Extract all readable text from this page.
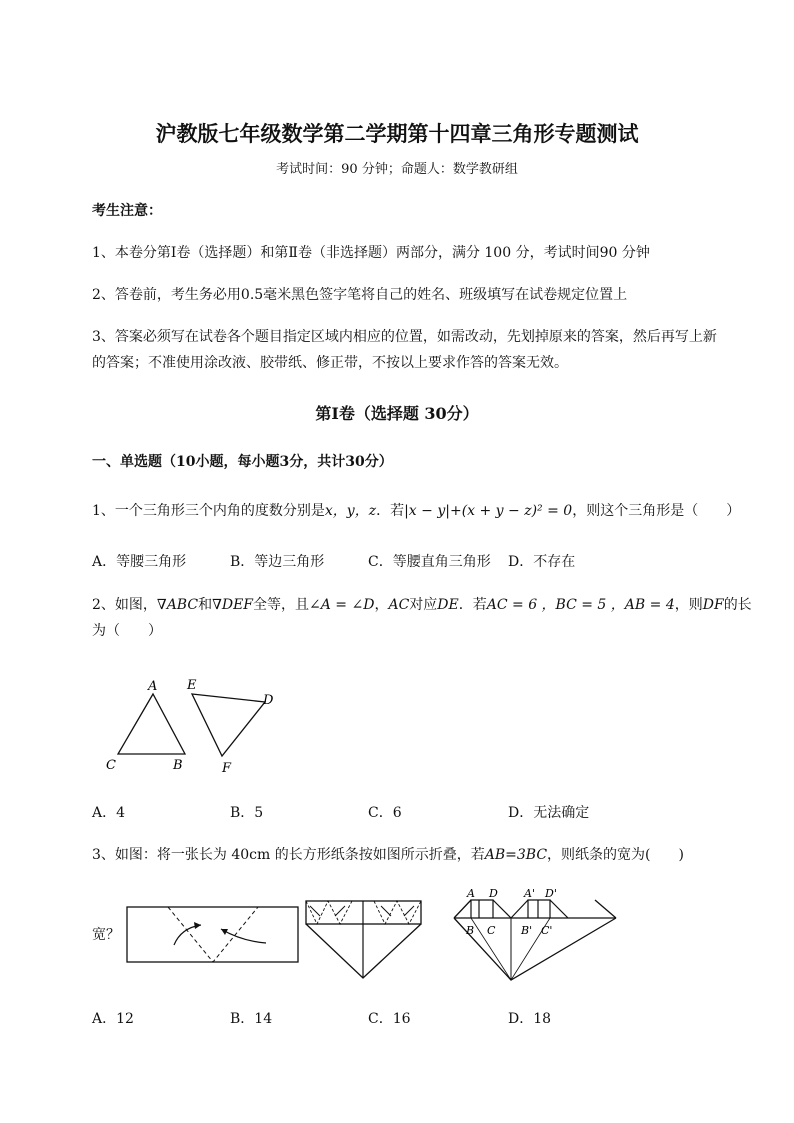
沪教版七年级数学第二学期第十四章三角形专题测试
考试时间：90 分钟；命题人：数学教研组
考生注意：
1、本卷分第Ⅰ卷（选择题）和第Ⅱ卷（非选择题）两部分，满分 100 分，考试时间90 分钟
2、答卷前，考生务必用0.5毫米黑色签字笔将自己的姓名、班级填写在试卷规定位置上
3、答案必须写在试卷各个题目指定区域内相应的位置，如需改动，先划掉原来的答案，然后再写上新
的答案；不准使用涂改液、胶带纸、修正带，不按以上要求作答的答案无效。
第Ⅰ卷（选择题 30分）
一、单选题（10小题，每小题3分，共计30分）
1、一个三角形三个内角的度数分别是x，y，z．若|x − y|+(x + y − z)² = 0，则这个三角形是（　　）
A．等腰三角形	B．等边三角形	C．等腰直角三角形 D．不存在
2、如图，∇ABC和∇DEF全等，且∠A = ∠D，AC对应DE．若AC = 6 ，BC = 5 ，AB = 4，则DF的长
为（　　）
A
B
C
E
D
F
A．4	B．5	C．6	D．无法确定
3、如图：将一张长为 40cm 的长方形纸条按如图所示折叠，若AB=3BC，则纸条的宽为(　　)
宽？
A D
B C
A' D'
B' C'
A．12	B．14	C．16	D．18
